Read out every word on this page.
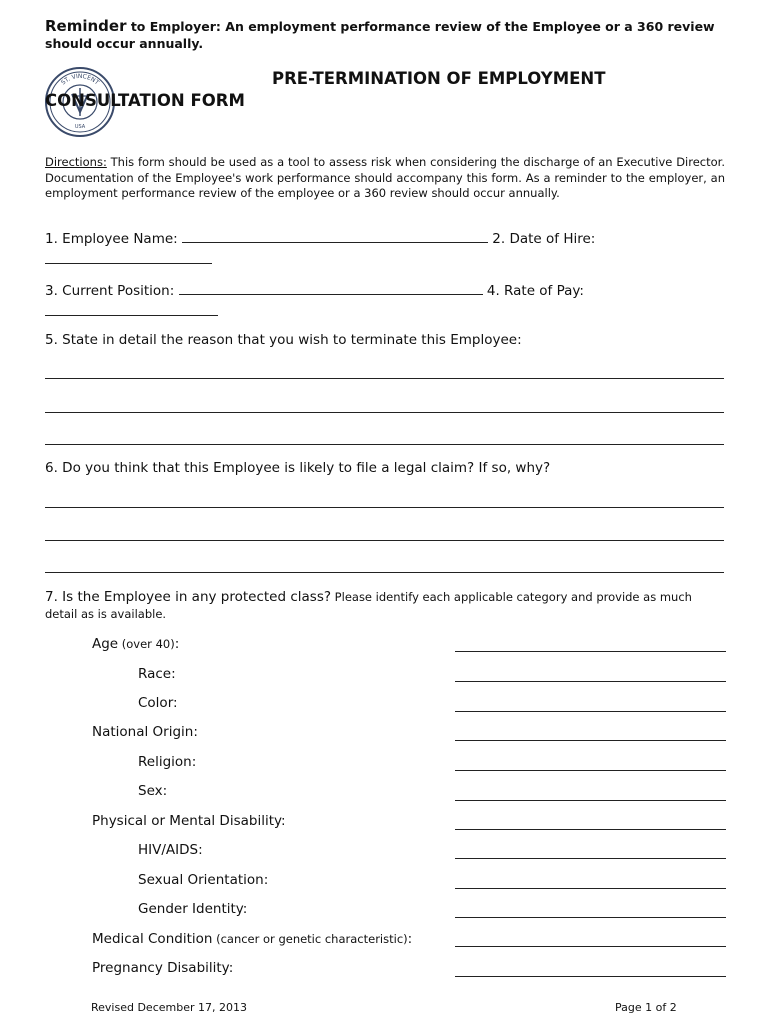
Reminder to Employer: An employment performance review of the Employee or a 360 review should occur annually.
ST. VINCENT
USA
PRE-TERMINATION OF EMPLOYMENT
CONSULTATION FORM
Directions: This form should be used as a tool to assess risk when considering the discharge of an Executive Director. Documentation of the Employee's work performance should accompany this form. As a reminder to the employer, an employment performance review of the employee or a 360 review should occur annually.
1. Employee Name:	2. Date of Hire:
3. Current Position:	4. Rate of Pay:
5. State in detail the reason that you wish to terminate this Employee:
6. Do you think that this Employee is likely to file a legal claim? If so, why?
7. Is the Employee in any protected class? Please identify each applicable category and provide as much detail as is available.
Age (over 40):
Race:
Color:
National Origin:
Religion:
Sex:
Physical or Mental Disability:
HIV/AIDS:
Sexual Orientation:
Gender Identity:
Medical Condition (cancer or genetic characteristic):
Pregnancy Disability:
Revised December 17, 2013	Page 1 of 2
